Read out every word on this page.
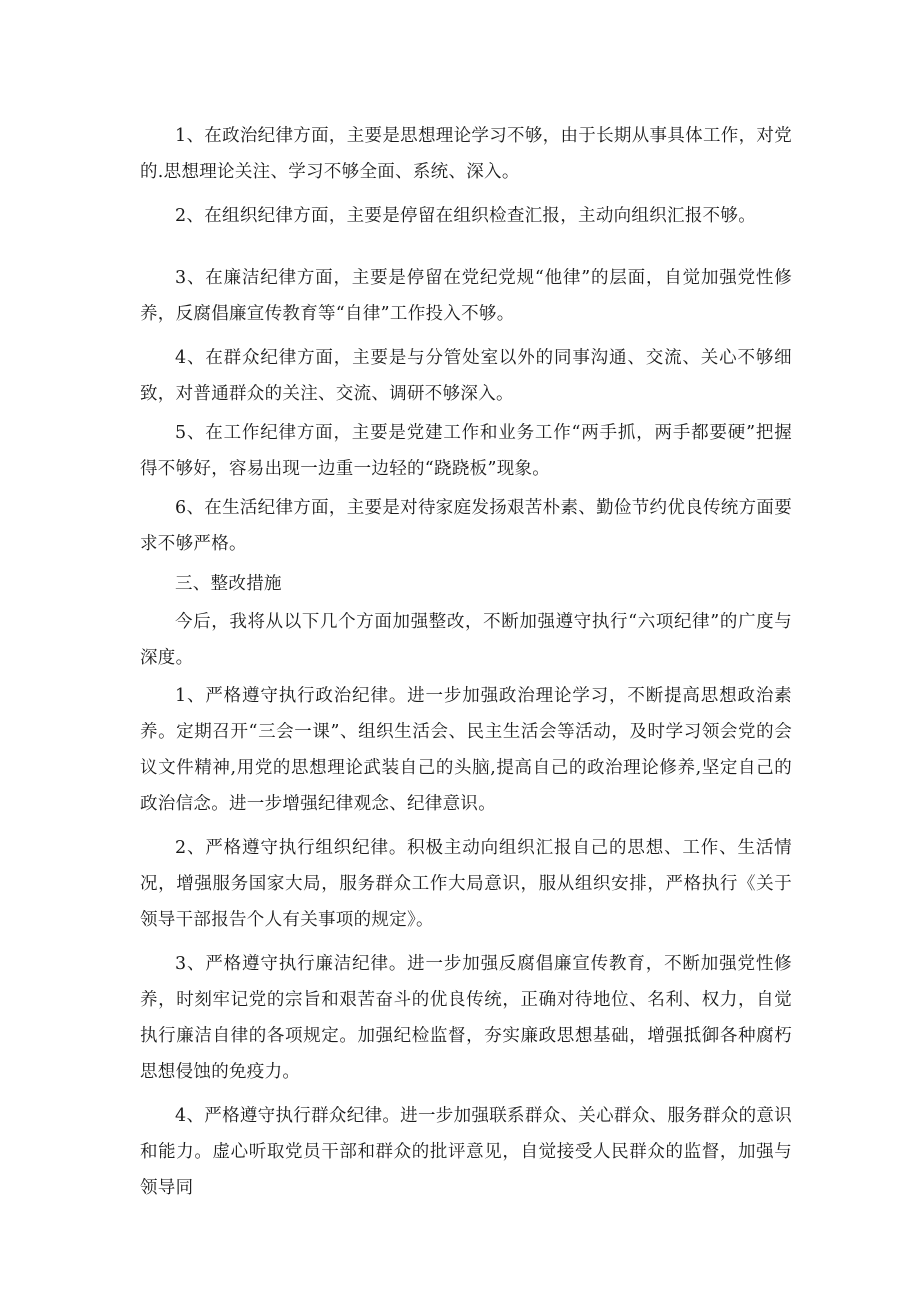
1、在政治纪律方面，主要是思想理论学习不够，由于长期从事具体工作，对党的.思想理论关注、学习不够全面、系统、深入。

2、在组织纪律方面，主要是停留在组织检查汇报，主动向组织汇报不够。

3、在廉洁纪律方面，主要是停留在党纪党规“他律”的层面，自觉加强党性修养，反腐倡廉宣传教育等“自律”工作投入不够。

4、在群众纪律方面，主要是与分管处室以外的同事沟通、交流、关心不够细致，对普通群众的关注、交流、调研不够深入。

5、在工作纪律方面，主要是党建工作和业务工作“两手抓，两手都要硬”把握得不够好，容易出现一边重一边轻的“跷跷板”现象。

6、在生活纪律方面，主要是对待家庭发扬艰苦朴素、勤俭节约优良传统方面要求不够严格。

三、整改措施

今后，我将从以下几个方面加强整改，不断加强遵守执行“六项纪律”的广度与深度。

1、严格遵守执行政治纪律。进一步加强政治理论学习，不断提高思想政治素养。定期召开“三会一课”、组织生活会、民主生活会等活动，及时学习领会党的会议文件精神,用党的思想理论武装自己的头脑,提高自己的政治理论修养,坚定自己的政治信念。进一步增强纪律观念、纪律意识。

2、严格遵守执行组织纪律。积极主动向组织汇报自己的思想、工作、生活情况，增强服务国家大局，服务群众工作大局意识，服从组织安排，严格执行《关于领导干部报告个人有关事项的规定》。

3、严格遵守执行廉洁纪律。进一步加强反腐倡廉宣传教育，不断加强党性修养，时刻牢记党的宗旨和艰苦奋斗的优良传统，正确对待地位、名利、权力，自觉执行廉洁自律的各项规定。加强纪检监督，夯实廉政思想基础，增强抵御各种腐朽思想侵蚀的免疫力。

4、严格遵守执行群众纪律。进一步加强联系群众、关心群众、服务群众的意识和能力。虚心听取党员干部和群众的批评意见，自觉接受人民群众的监督，加强与领导同
